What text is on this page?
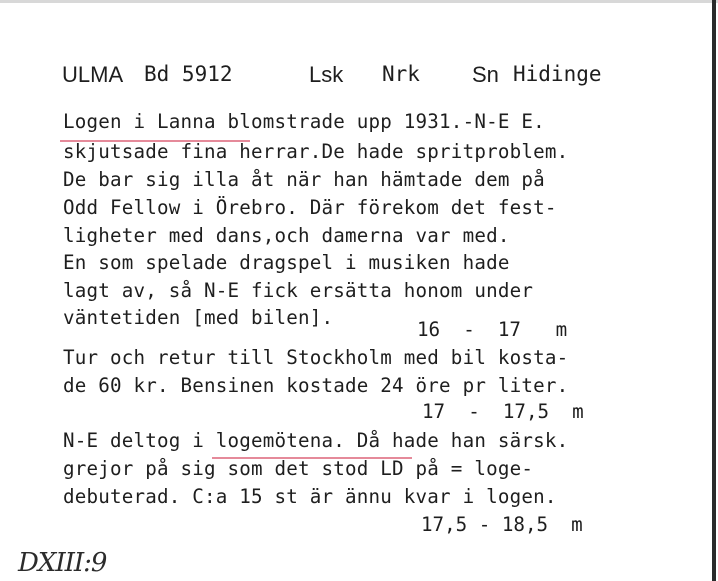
ULMA Bd 5912	Lsk Nrk Sn Hidinge
Logen i Lanna blomstrade upp 1931.-N-E E.
skjutsade fina herrar.De hade spritproblem.
De bar sig illa åt när han hämtade dem på
Odd Fellow i Örebro. Där förekom det fest-
ligheter med dans,och damerna var med.
En som spelade dragspel i musiken hade
lagt av, så N-E fick ersätta honom under
väntetiden [med bilen].
16  -  17   m
Tur och retur till Stockholm med bil kosta-
de 60 kr. Bensinen kostade 24 öre pr liter.
17  -  17,5  m
N-E deltog i logemötena. Då hade han särsk.
grejor på sig som det stod LD på = loge-
debuterad. C:a 15 st är ännu kvar i logen.
17,5 - 18,5  m
DXIII:9
